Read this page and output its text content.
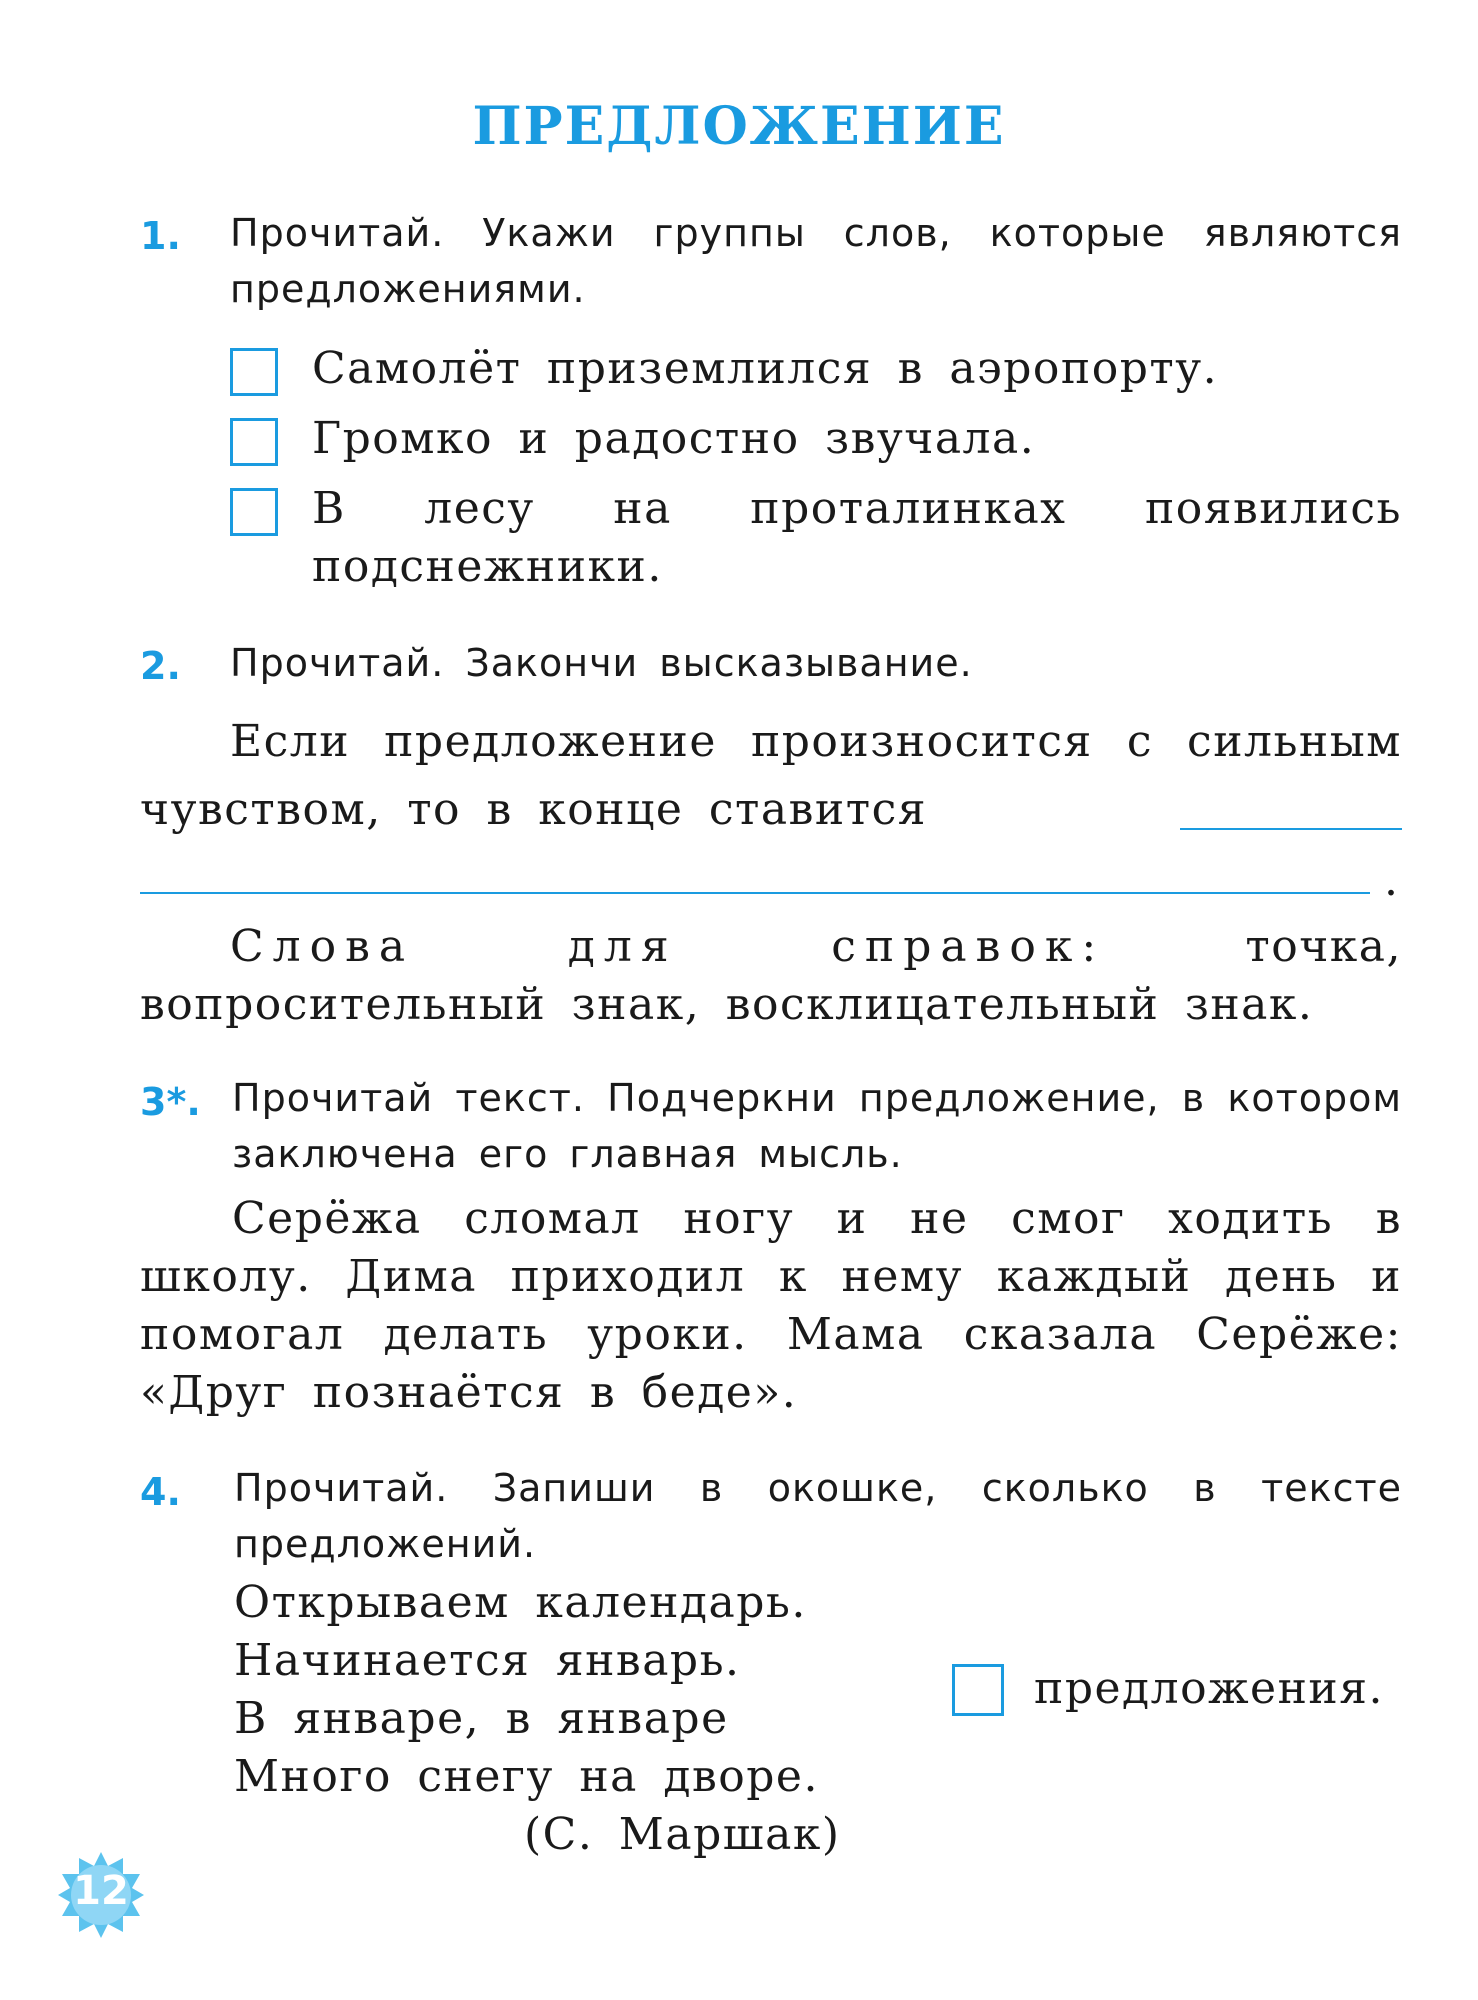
ПРЕДЛОЖЕНИЕ
1. Прочитай. Укажи группы слов, которые являются предложениями.
Самолёт приземлился в аэропорту.
Громко и радостно звучала.
В лесу на проталинках появились подснежники.
2. Прочитай. Закончи высказывание.
Если предложение произносится с сильным чувством, то в конце ставится
.
Слова для справок:	точка, вопросительный знак, восклицательный знак.
3*. Прочитай текст. Подчеркни предложение, в котором заключена его главная мысль.
Серёжа сломал ногу и не смог ходить в школу. Дима приходил к нему каждый день и помогал делать уроки. Мама сказала Серёже: «Друг познаётся в беде».
4. Прочитай. Запиши в окошке, сколько в тексте предложений.
Открываем календарь.
Начинается январь.
В январе, в январе
Много снегу на дворе.
(С. Маршак)
предложения.
12
